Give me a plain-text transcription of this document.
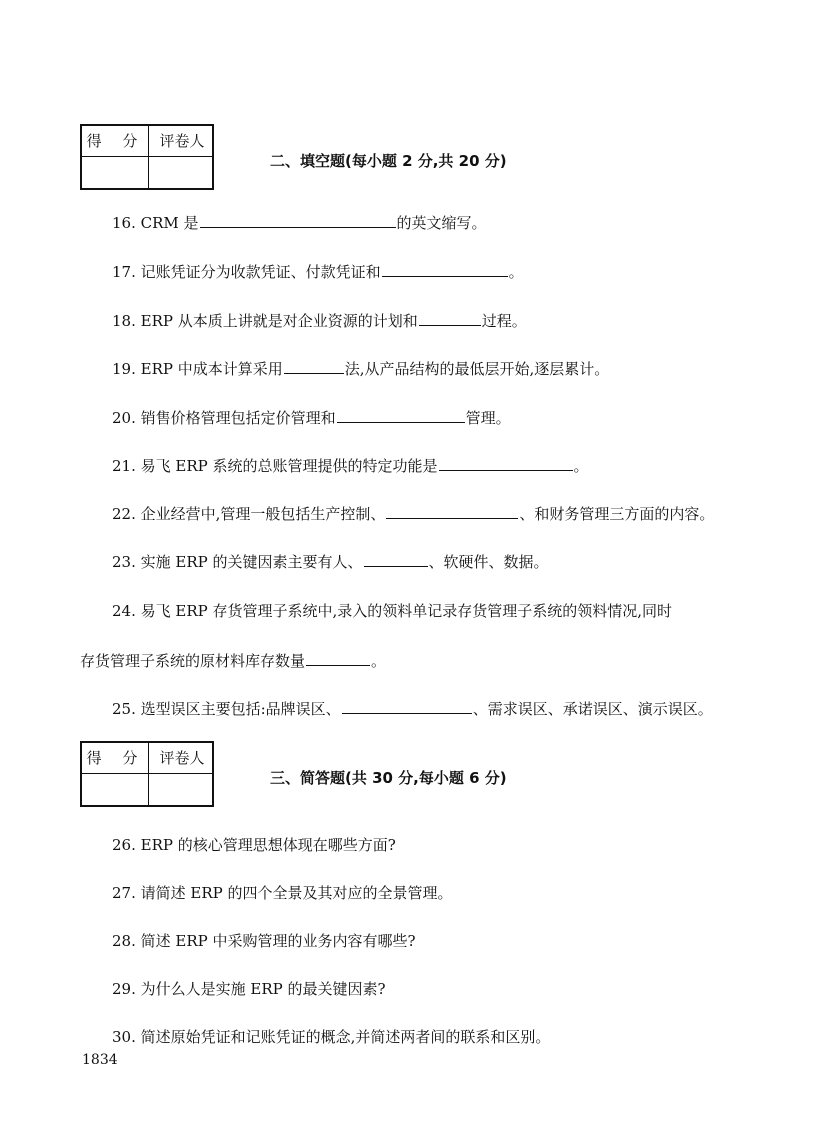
得 分 评卷人
二、填空题(每小题 2 分,共 20 分)
16. CRM 是	的英文缩写。
17. 记账凭证分为收款凭证、付款凭证和	。
18. ERP 从本质上讲就是对企业资源的计划和	过程。
19. ERP 中成本计算采用	法,从产品结构的最低层开始,逐层累计。
20. 销售价格管理包括定价管理和	管理。
21. 易飞 ERP 系统的总账管理提供的特定功能是	。
22. 企业经营中,管理一般包括生产控制、	、和财务管理三方面的内容。
23. 实施 ERP 的关键因素主要有人、	、软硬件、数据。
24. 易飞 ERP 存货管理子系统中,录入的领料单记录存货管理子系统的领料情况,同时
存货管理子系统的原材料库存数量	。
25. 选型误区主要包括:品牌误区、	、需求误区、承诺误区、演示误区。
得 分 评卷人
三、简答题(共 30 分,每小题 6 分)
26. ERP 的核心管理思想体现在哪些方面?
27. 请简述 ERP 的四个全景及其对应的全景管理。
28. 简述 ERP 中采购管理的业务内容有哪些?
29. 为什么人是实施 ERP 的最关键因素?
30. 简述原始凭证和记账凭证的概念,并简述两者间的联系和区别。
1834
